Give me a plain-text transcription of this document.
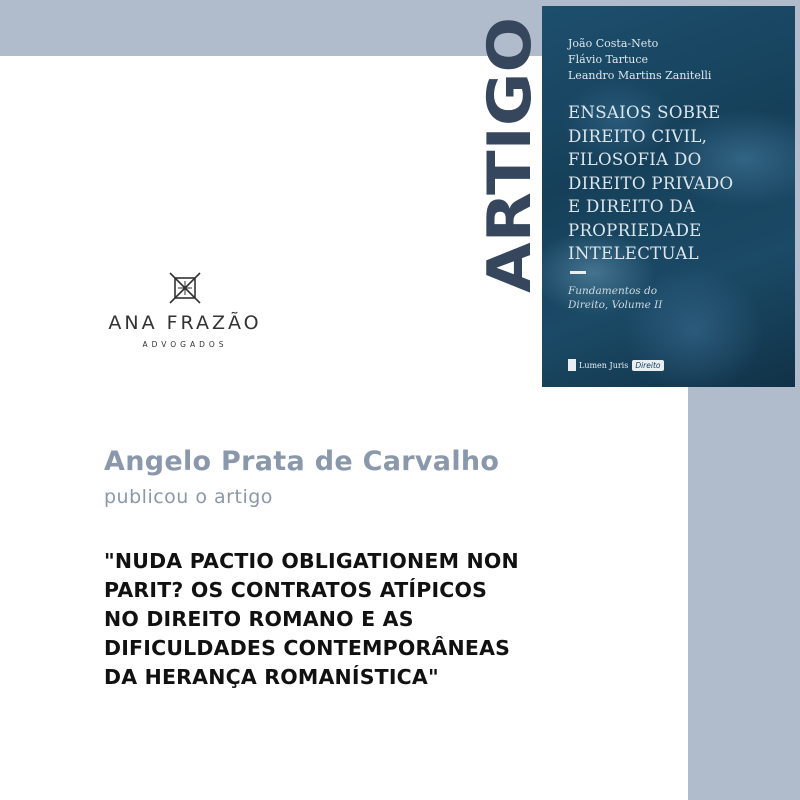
ARTIGO
ANA FRAZÃO
ADVOGADOS
João Costa-Neto
Flávio Tartuce
Leandro Martins Zanitelli
ENSAIOS SOBRE
DIREITO CIVIL,
FILOSOFIA DO
DIREITO PRIVADO
E DIREITO DA
PROPRIEDADE
INTELECTUAL
Fundamentos do
Direito, Volume II
Lumen Juris Direito
Angelo Prata de Carvalho
publicou o artigo
"NUDA PACTIO OBLIGATIONEM NON
PARIT? OS CONTRATOS ATÍPICOS
NO DIREITO ROMANO E AS
DIFICULDADES CONTEMPORÂNEAS
DA HERANÇA ROMANÍSTICA"
